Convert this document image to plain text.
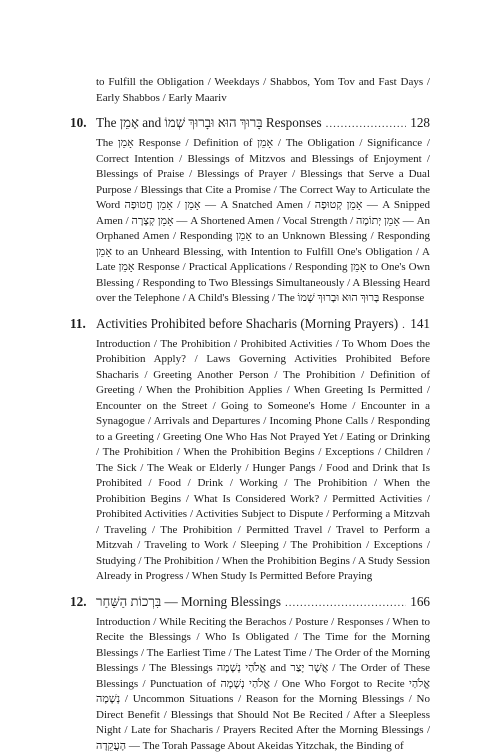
to Fulfill the Obligation / Weekdays / Shabbos, Yom Tov and Fast Days / Early Shabbos / Early Maariv
10. The אָמֵן and בָּרוּךְ הוּא וּבָרוּךְ שְׁמוֹ Responses .....	128
The אָמֵן Response / Definition of אָמֵן / The Obligation / Significance / Correct Intention / Blessings of Mitzvos and Blessings of Enjoyment / Blessings of Praise / Blessings of Prayer / Blessings that Serve a Dual Purpose / Blessings that Cite a Promise / The Correct Way to Articulate the Word אָמֵן / אָמֵן חֲטוּפָה — A Snatched Amen / אָמֵן קְטוּפָה — A Snipped Amen / אָמֵן קְצָרָה — A Shortened Amen / Vocal Strength / אָמֵן יְתוֹמָה — An Orphaned Amen / Responding אָמֵן to an Unknown Blessing / Responding אָמֵן to an Unheard Blessing, with Intention to Fulfill One's Obligation / A Late אָמֵן Response / Practical Applications / Responding אָמֵן to One's Own Blessing / Responding to Two Blessings Simultaneously / A Blessing Heard over the Telephone / A Child's Blessing / The בָּרוּךְ הוּא וּבָרוּךְ שְׁמוֹ Response
11. Activities Prohibited before Shacharis (Morning Prayers) ..... 141
Introduction / The Prohibition / Prohibited Activities / To Whom Does the Prohibition Apply? / Laws Governing Activities Prohibited Before Shacharis / Greeting Another Person / The Prohibition / Definition of Greeting / When the Prohibition Applies / When Greeting Is Permitted / Encounter on the Street / Going to Someone's Home / Encounter in a Synagogue / Arrivals and Departures / Incoming Phone Calls / Responding to a Greeting / Greeting One Who Has Not Prayed Yet / Eating or Drinking / The Prohibition / When the Prohibition Begins / Exceptions / Children / The Sick / The Weak or Elderly / Hunger Pangs / Food and Drink that Is Prohibited / Food / Drink / Working / The Prohibition / When the Prohibition Begins / What Is Considered Work? / Permitted Activities / Prohibited Activities / Activities Subject to Dispute / Performing a Mitzvah / Traveling / The Prohibition / Permitted Travel / Travel to Perform a Mitzvah / Traveling to Work / Sleeping / The Prohibition / Exceptions / Studying / The Prohibition / When the Prohibition Begins / A Study Session Already in Progress / When Study Is Permitted Before Praying
12. בִּרְכוֹת הַשַּׁחַר — Morning Blessings .....	166
Introduction / While Reciting the Berachos / Posture / Responses / When to Recite the Blessings / Who Is Obligated / The Time for the Morning Blessings / The Earliest Time / The Latest Time / The Order of the Morning Blessings / The Blessings אֱלֹהַי נְשָׁמָה and אֲשֶׁר יָצַר / The Order of These Blessings / Punctuation of אֱלֹהַי נְשָׁמָה / One Who Forgot to Recite אֱלֹהַי נְשָׁמָה / Uncommon Situations / Reason for the Morning Blessings / No Direct Benefit / Blessings that Should Not Be Recited / After a Sleepless Night / Late for Shacharis / Prayers Recited After the Morning Blessings / הָעֲקֵדָה — The Torah Passage About Akeidas Yitzchak, the Binding of
